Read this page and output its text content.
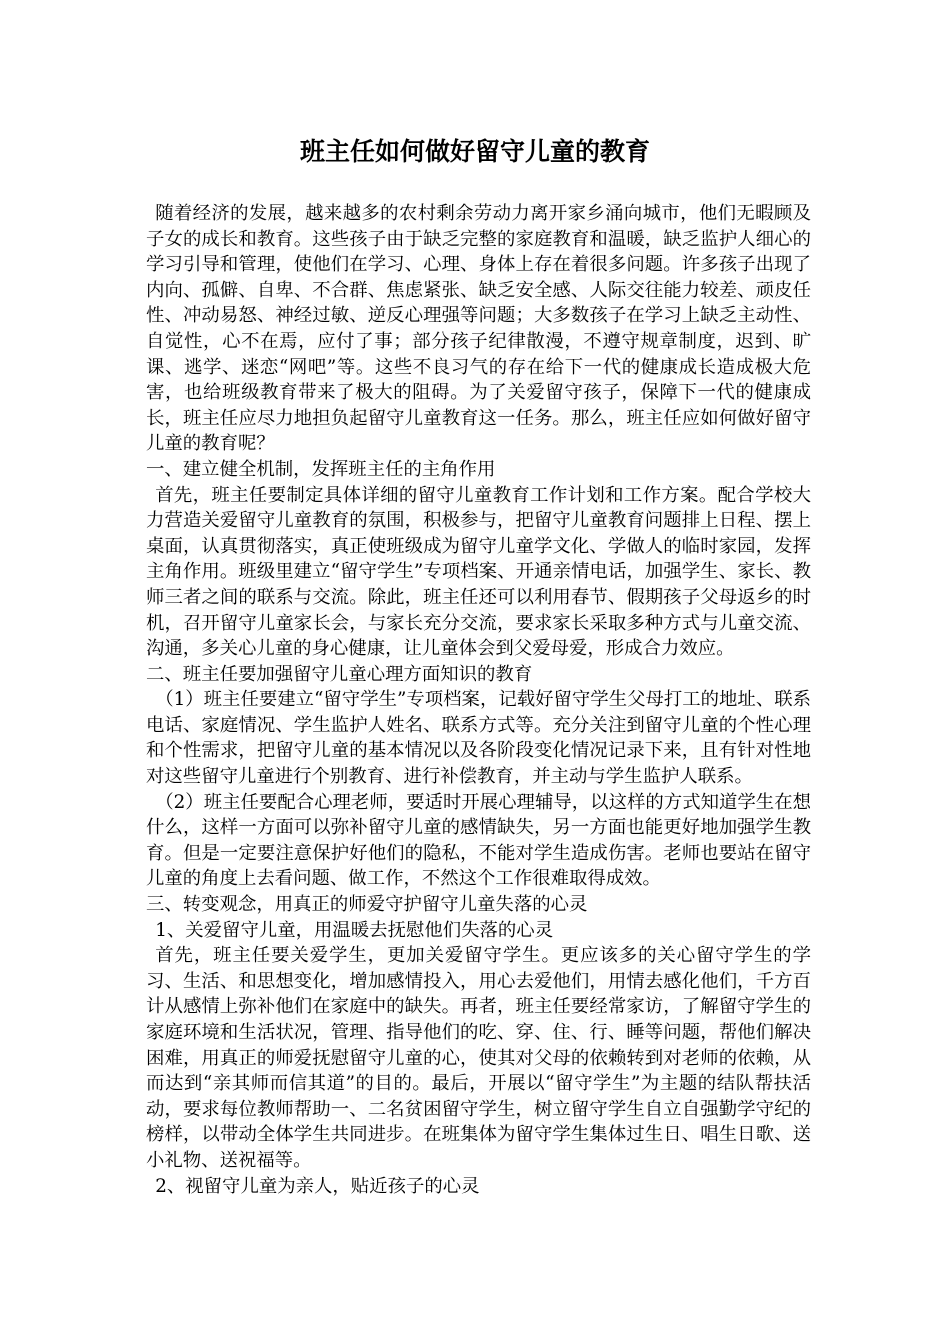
班主任如何做好留守儿童的教育

随着经济的发展，越来越多的农村剩余劳动力离开家乡涌向城市，他们无暇顾及子女的成长和教育。这些孩子由于缺乏完整的家庭教育和温暖，缺乏监护人细心的学习引导和管理，使他们在学习、心理、身体上存在着很多问题。许多孩子出现了内向、孤僻、自卑、不合群、焦虑紧张、缺乏安全感、人际交往能力较差、顽皮任性、冲动易怒、神经过敏、逆反心理强等问题；大多数孩子在学习上缺乏主动性、自觉性，心不在焉，应付了事；部分孩子纪律散漫，不遵守规章制度，迟到、旷课、逃学、迷恋“网吧”等。这些不良习气的存在给下一代的健康成长造成极大危害，也给班级教育带来了极大的阻碍。为了关爱留守孩子，保障下一代的健康成长，班主任应尽力地担负起留守儿童教育这一任务。那么，班主任应如何做好留守儿童的教育呢？

一、建立健全机制，发挥班主任的主角作用

首先，班主任要制定具体详细的留守儿童教育工作计划和工作方案。配合学校大力营造关爱留守儿童教育的氛围，积极参与，把留守儿童教育问题排上日程、摆上桌面，认真贯彻落实，真正使班级成为留守儿童学文化、学做人的临时家园，发挥主角作用。班级里建立“留守学生”专项档案、开通亲情电话，加强学生、家长、教师三者之间的联系与交流。除此，班主任还可以利用春节、假期孩子父母返乡的时机，召开留守儿童家长会，与家长充分交流，要求家长采取多种方式与儿童交流、沟通，多关心儿童的身心健康，让儿童体会到父爱母爱，形成合力效应。

二、班主任要加强留守儿童心理方面知识的教育

（1）班主任要建立“留守学生”专项档案，记载好留守学生父母打工的地址、联系电话、家庭情况、学生监护人姓名、联系方式等。充分关注到留守儿童的个性心理和个性需求，把留守儿童的基本情况以及各阶段变化情况记录下来，且有针对性地对这些留守儿童进行个别教育、进行补偿教育，并主动与学生监护人联系。

（2）班主任要配合心理老师，要适时开展心理辅导，以这样的方式知道学生在想什么，这样一方面可以弥补留守儿童的感情缺失，另一方面也能更好地加强学生教育。但是一定要注意保护好他们的隐私，不能对学生造成伤害。老师也要站在留守儿童的角度上去看问题、做工作，不然这个工作很难取得成效。

三、转变观念，用真正的师爱守护留守儿童失落的心灵

1、关爱留守儿童，用温暖去抚慰他们失落的心灵

首先，班主任要关爱学生，更加关爱留守学生。更应该多的关心留守学生的学习、生活、和思想变化，增加感情投入，用心去爱他们，用情去感化他们，千方百计从感情上弥补他们在家庭中的缺失。再者，班主任要经常家访，了解留守学生的家庭环境和生活状况，管理、指导他们的吃、穿、住、行、睡等问题，帮他们解决困难，用真正的师爱抚慰留守儿童的心，使其对父母的依赖转到对老师的依赖，从而达到“亲其师而信其道”的目的。最后，开展以“留守学生”为主题的结队帮扶活动，要求每位教师帮助一、二名贫困留守学生，树立留守学生自立自强勤学守纪的榜样，以带动全体学生共同进步。在班集体为留守学生集体过生日、唱生日歌、送小礼物、送祝福等。

2、视留守儿童为亲人，贴近孩子的心灵
